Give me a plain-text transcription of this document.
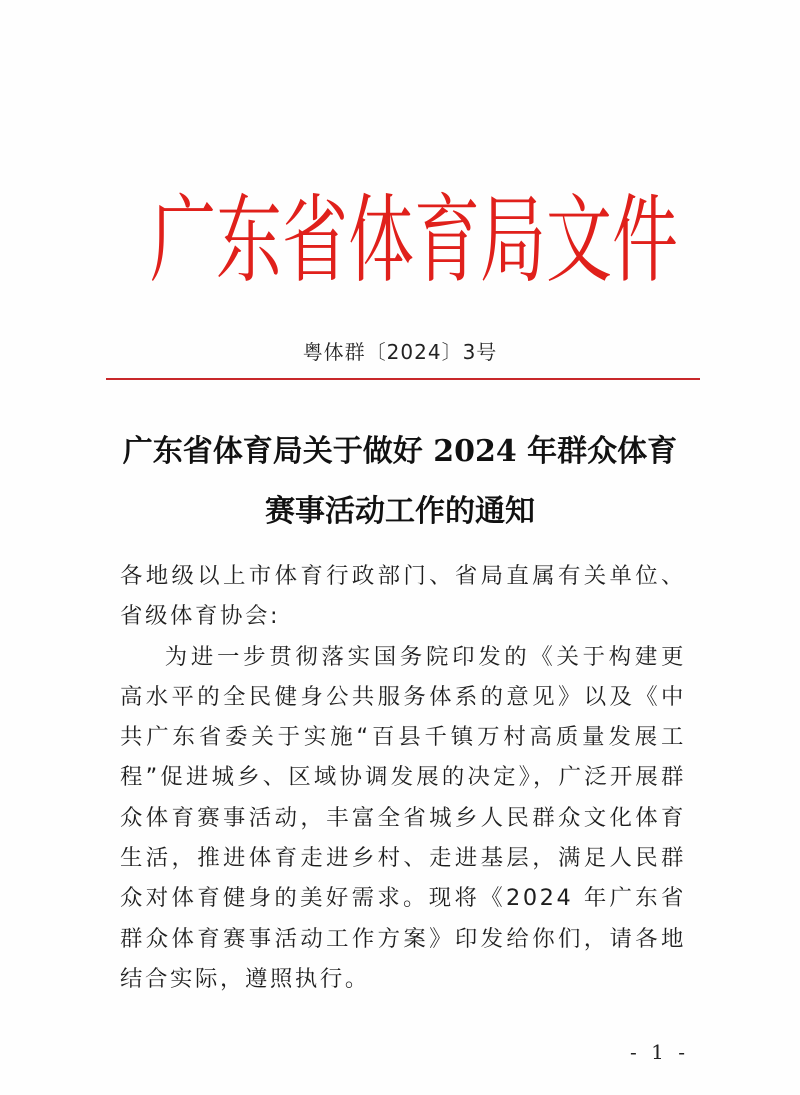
广 东 省 体 育 局 文 件
粤体群〔2024〕3号
广东省体育局关于做好 2024 年群众体育
赛事活动工作的通知

各地级以上市体育行政部门、省局直属有关单位、省级体育协会:

为进一步贯彻落实国务院印发的《关于构建更高水平的全民健身公共服务体系的意见》以及《中共广东省委关于实施“百县千镇万村高质量发展工程”促进城乡、区域协调发展的决定》，广泛开展群众体育赛事活动，丰富全省城乡人民群众文化体育生活，推进体育走进乡村、走进基层，满足人民群众对体育健身的美好需求。现将《2024 年广东省群众体育赛事活动工作方案》印发给你们，请各地结合实际，遵照执行。

- 1 -
